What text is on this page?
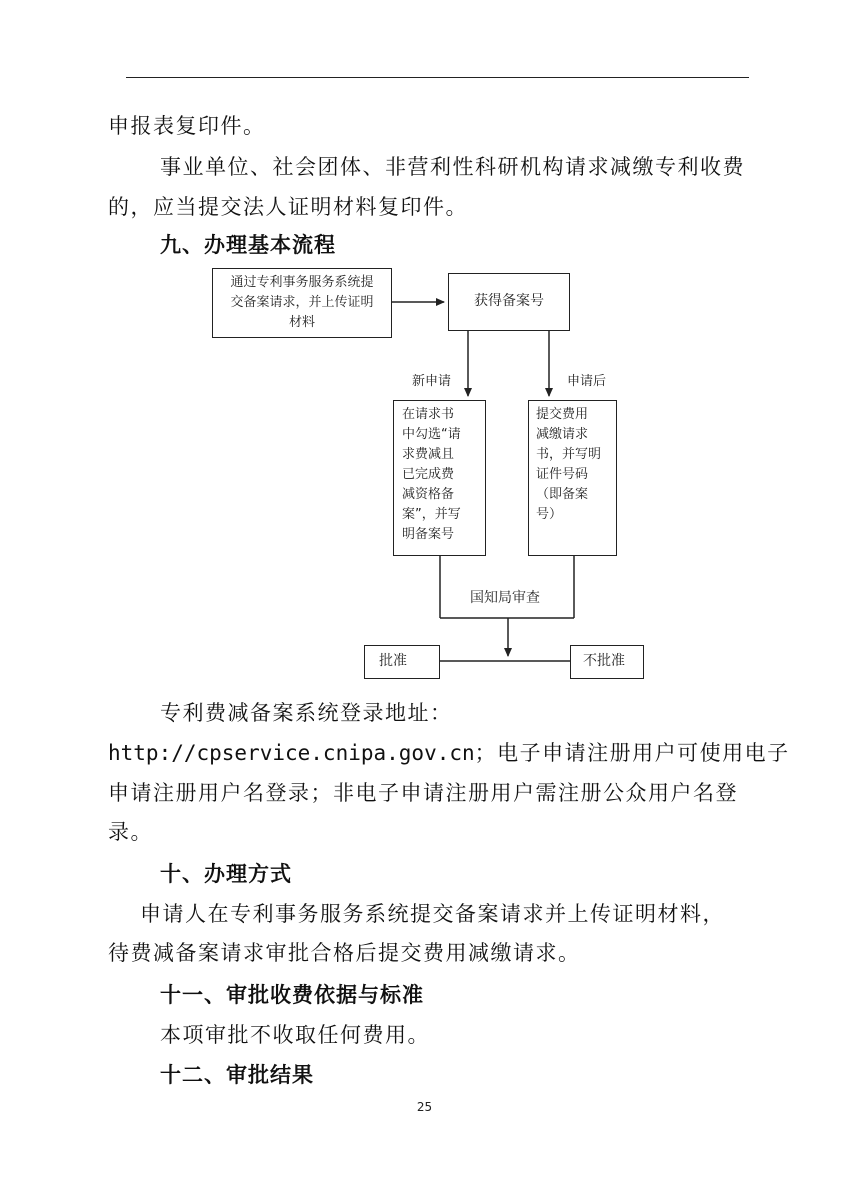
申报表复印件。
事业单位、社会团体、非营利性科研机构请求减缴专利收费
的，应当提交法人证明材料复印件。
九、办理基本流程
通过专利事务服务系统提
交备案请求，并上传证明
材料
获得备案号
新申请	申请后
在请求书
中勾选“请
求费减且
已完成费
减资格备
案”，并写
明备案号
提交费用
减缴请求
书，并写明
证件号码
（即备案
号）
国知局审查
批准	不批准
专利费减备案系统登录地址：
http://cpservice.cnipa.gov.cn；电子申请注册用户可使用电子
申请注册用户名登录；非电子申请注册用户需注册公众用户名登
录。
十、办理方式
申请人在专利事务服务系统提交备案请求并上传证明材料，
待费减备案请求审批合格后提交费用减缴请求。
十一、审批收费依据与标准
本项审批不收取任何费用。
十二、审批结果
25
